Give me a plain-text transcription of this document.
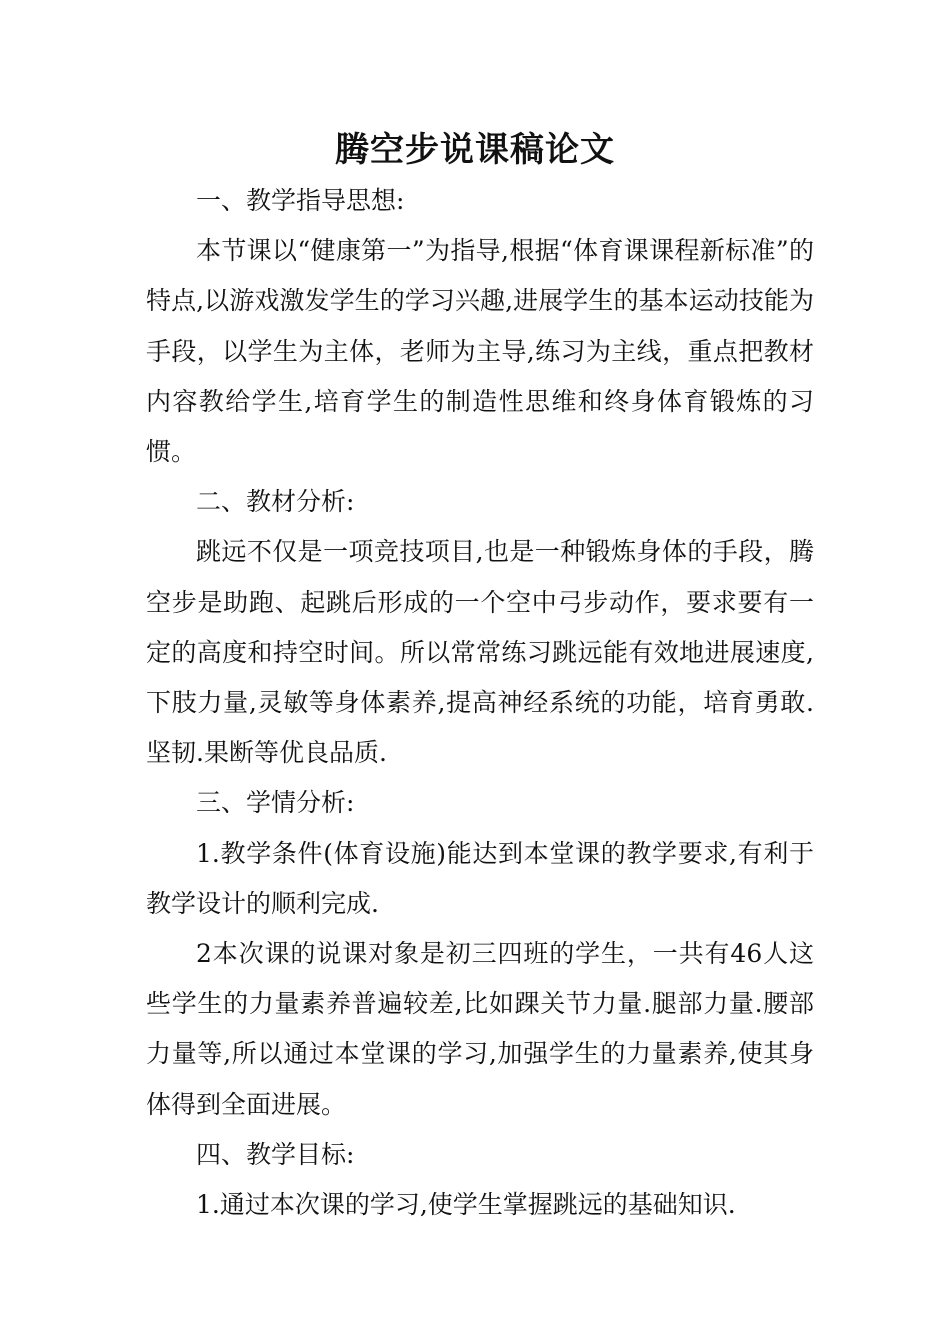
腾空步说课稿论文

一、教学指导思想:

本节课以“健康第一”为指导,根据“体育课课程新标准”的特点,以游戏激发学生的学习兴趣,进展学生的基本运动技能为手段，以学生为主体，老师为主导,练习为主线，重点把教材内容教给学生,培育学生的制造性思维和终身体育锻炼的习惯。

二、教材分析:

跳远不仅是一项竞技项目,也是一种锻炼身体的手段，腾空步是助跑、起跳后形成的一个空中弓步动作，要求要有一定的高度和持空时间。所以常常练习跳远能有效地进展速度,下肢力量,灵敏等身体素养,提高神经系统的功能，培育勇敢.坚韧.果断等优良品质.

三、学情分析:

1.教学条件(体育设施)能达到本堂课的教学要求,有利于教学设计的顺利完成.

2本次课的说课对象是初三四班的学生，一共有46人这些学生的力量素养普遍较差,比如踝关节力量.腿部力量.腰部力量等,所以通过本堂课的学习,加强学生的力量素养,使其身体得到全面进展。

四、教学目标:

1.通过本次课的学习,使学生掌握跳远的基础知识.
